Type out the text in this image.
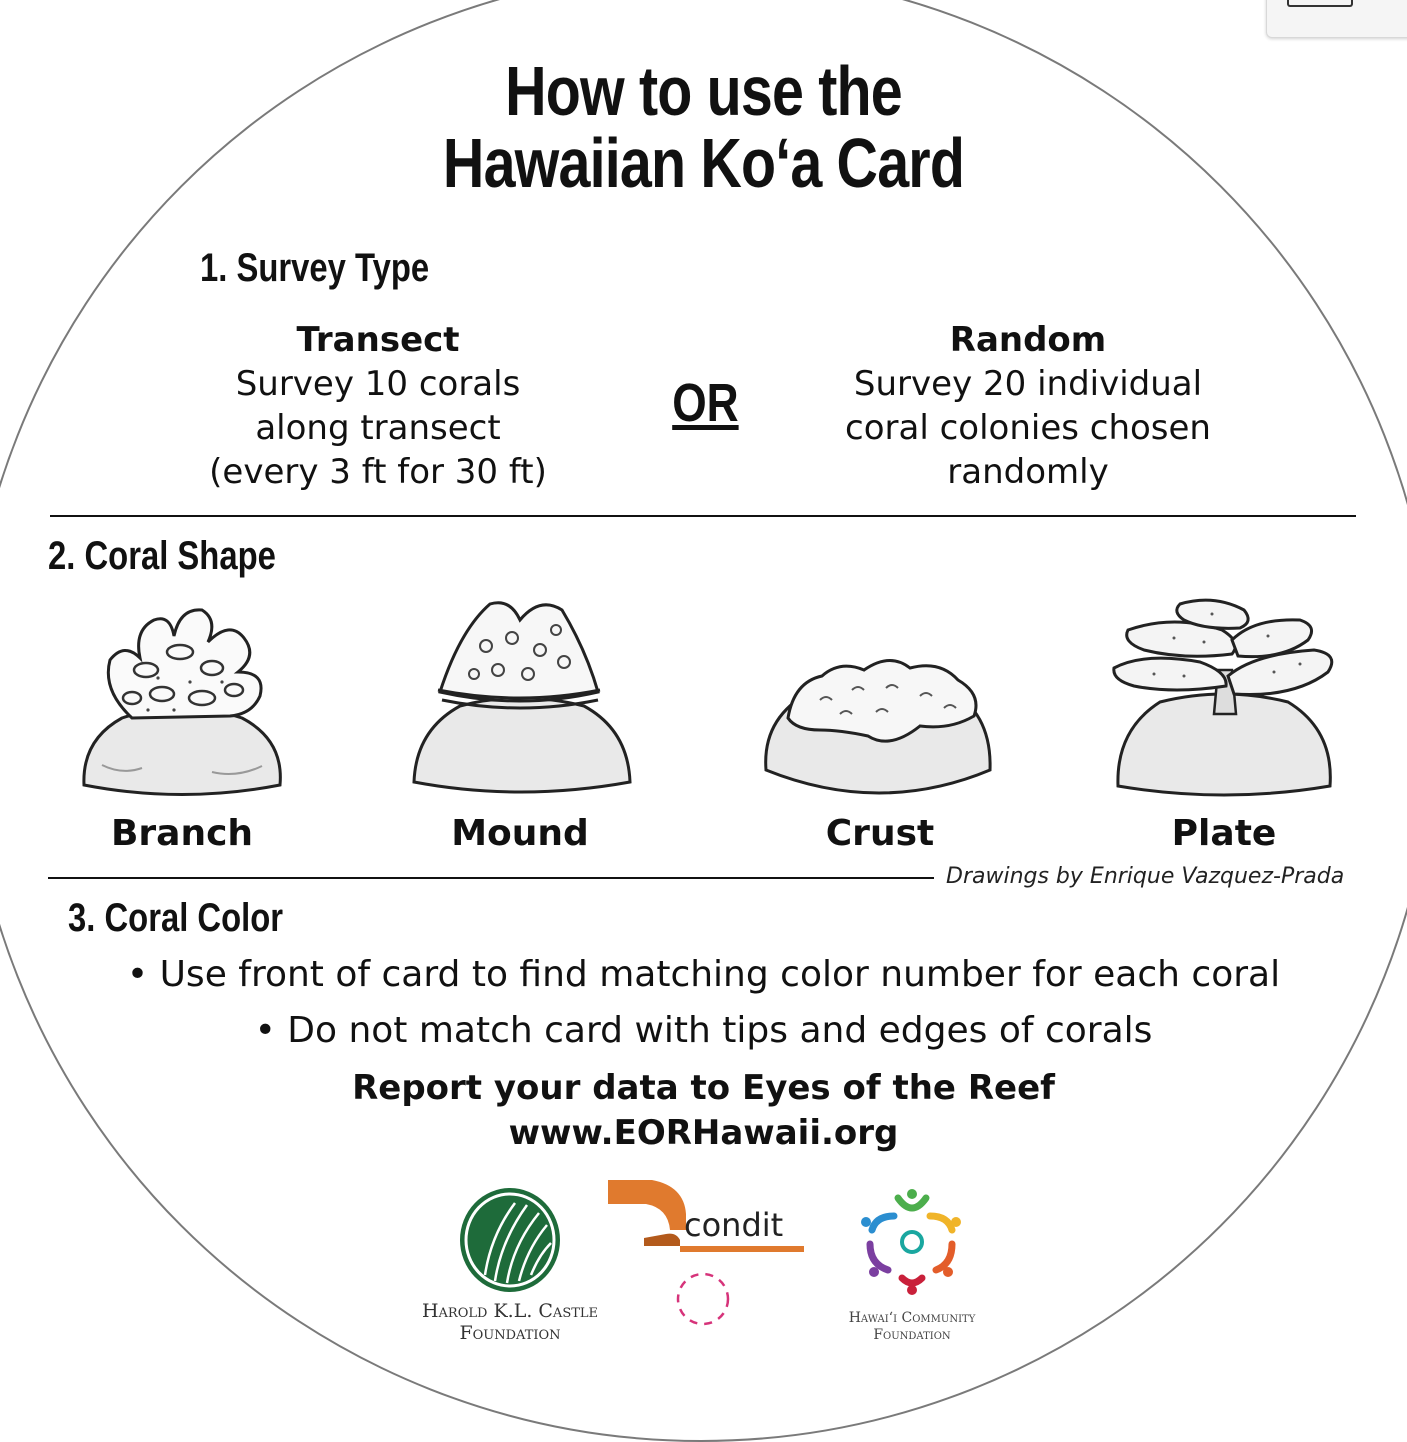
How to use the
Hawaiian Ko‘a Card
1. Survey Type
Transect
Survey 10 corals
along transect
(every 3 ft for 30 ft)
OR
Random
Survey 20 individual
coral colonies chosen
randomly
2. Coral Shape
Branch	Mound	Crust	Plate
Drawings by Enrique Vazquez-Prada
3. Coral Color
• Use front of card to find matching color number for each coral
• Do not match card with tips and edges of corals
Report your data to Eyes of the Reef
www.EORHawaii.org
Harold K.L. Castle
Foundation
condit
Hawai‘i Community
Foundation
